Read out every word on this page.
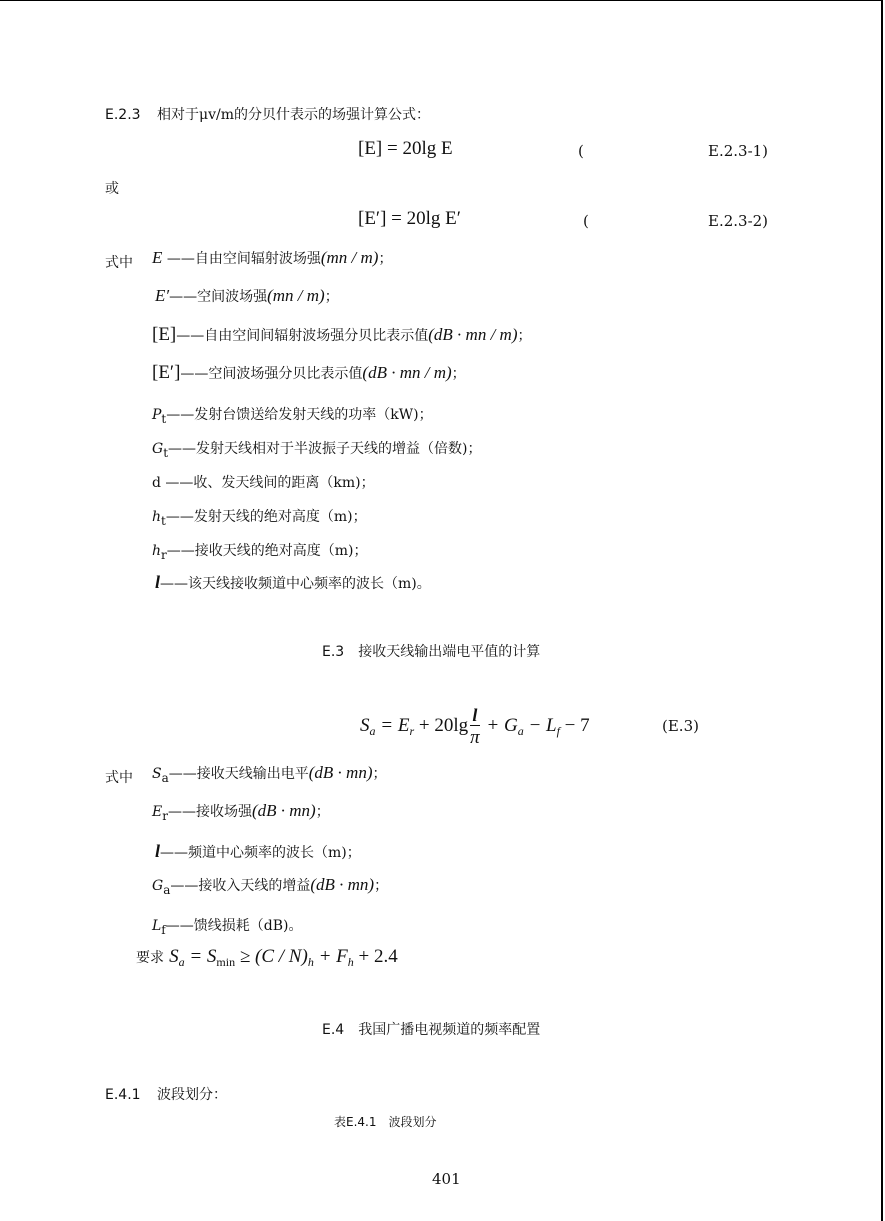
E.2.3 相对于μv/m的分贝什表示的场强计算公式：
[E] = 20lg E	(	E.2.3-1)
或
[E′] = 20lg E′	(	E.2.3-2)
式中 E ——自由空间辐射波场强(mn / m)；
E′——空间波场强(mn / m)；
[E]——自由空间间辐射波场强分贝比表示值(dB · mn / m)；
[E′]——空间波场强分贝比表示值(dB · mn / m)；
Pt——发射台馈送给发射天线的功率（kW)；
Gt——发射天线相对于半波振子天线的增益（倍数)；
d ——收、发天线间的距离（km)；
ht——发射天线的绝对高度（m)；
hr——接收天线的绝对高度（m)；
l——该天线接收频道中心频率的波长（m)。
E.3　接收天线输出端电平值的计算
$S_a = E_r + 20\lg \frac{l}{\pi} + G_a - L_f - 7$	(E.3)
式中 Sa——接收天线输出电平(dB · mn)；
Er——接收场强(dB · mn)；
l——频道中心频率的波长（m)；
Ga——接收入天线的增益(dB · mn)；
Lf——馈线损耗（dB)。
要求 $S_a = S_{min} \ge (C / N)_h + F_h + 2.4$
E.4　我国广播电视频道的频率配置
E.4.1 波段划分：
表E.4.1　波段划分
401
